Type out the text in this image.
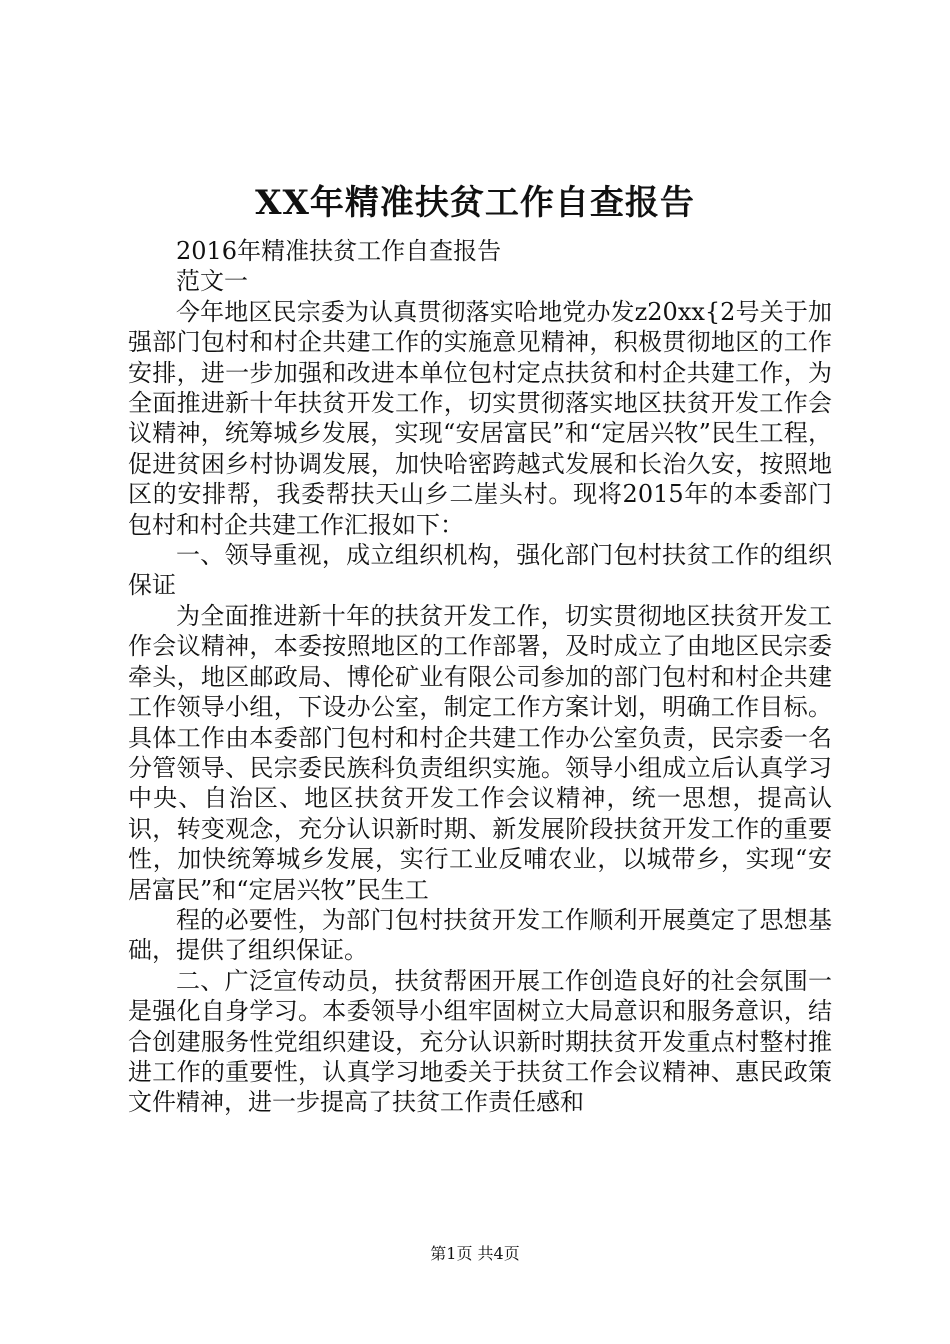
XX年精准扶贫工作自查报告

2016年精准扶贫工作自查报告

范文一

今年地区民宗委为认真贯彻落实哈地党办发z20xx{2号关于加强部门包村和村企共建工作的实施意见精神，积极贯彻地区的工作安排，进一步加强和改进本单位包村定点扶贫和村企共建工作，为全面推进新十年扶贫开发工作，切实贯彻落实地区扶贫开发工作会议精神，统筹城乡发展，实现“安居富民”和“定居兴牧”民生工程，促进贫困乡村协调发展，加快哈密跨越式发展和长治久安，按照地区的安排帮，我委帮扶天山乡二崖头村。现将2015年的本委部门包村和村企共建工作汇报如下：

一、领导重视，成立组织机构，强化部门包村扶贫工作的组织保证

为全面推进新十年的扶贫开发工作，切实贯彻地区扶贫开发工作会议精神，本委按照地区的工作部署，及时成立了由地区民宗委牵头，地区邮政局、博伦矿业有限公司参加的部门包村和村企共建工作领导小组，下设办公室，制定工作方案计划，明确工作目标。具体工作由本委部门包村和村企共建工作办公室负责，民宗委一名分管领导、民宗委民族科负责组织实施。领导小组成立后认真学习中央、自治区、地区扶贫开发工作会议精神，统一思想，提高认识，转变观念，充分认识新时期、新发展阶段扶贫开发工作的重要性，加快统筹城乡发展，实行工业反哺农业，以城带乡，实现“安居富民”和“定居兴牧”民生工

程的必要性，为部门包村扶贫开发工作顺利开展奠定了思想基础，提供了组织保证。

二、广泛宣传动员，扶贫帮困开展工作创造良好的社会氛围一是强化自身学习。本委领导小组牢固树立大局意识和服务意识，结合创建服务性党组织建设，充分认识新时期扶贫开发重点村整村推进工作的重要性，认真学习地委关于扶贫工作会议精神、惠民政策文件精神，进一步提高了扶贫工作责任感和

第1页 共4页
